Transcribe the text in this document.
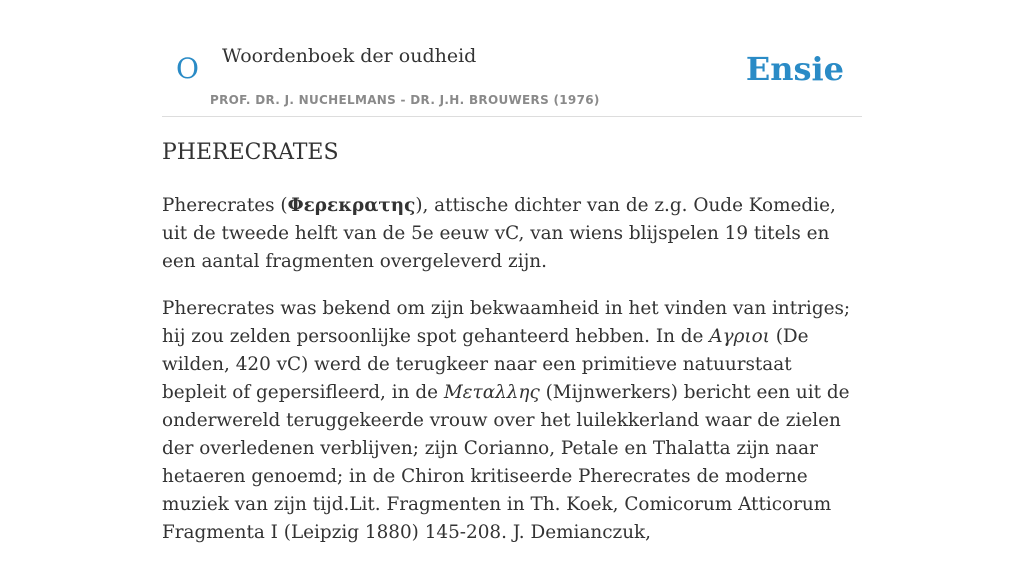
O Woordenboek der oudheid
PROF. DR. J. NUCHELMANS - DR. J.H. BROUWERS (1976)
Ensie
PHERECRATES

Pherecrates (Φερεκρατης), attische dichter van de z.g. Oude Komedie, uit de tweede helft van de 5e eeuw vC, van wiens blijspelen 19 titels en een aantal fragmenten overgeleverd zijn.

Pherecrates was bekend om zijn bekwaamheid in het vinden van intriges; hij zou zelden persoonlijke spot gehanteerd hebben. In de Αγριοι (De wilden, 420 vC) werd de terugkeer naar een primitieve natuurstaat bepleit of gepersifleerd, in de Μεταλλης (Mijnwerkers) bericht een uit de onderwereld teruggekeerde vrouw over het luilekkerland waar de zielen der overledenen verblijven; zijn Corianno, Petale en Thalatta zijn naar hetaeren genoemd; in de Chiron kritiseerde Pherecrates de moderne muziek van zijn tijd.Lit. Fragmenten in Th. Koek, Comicorum Atticorum Fragmenta I (Leipzig 1880) 145-208. J. Demianczuk,
